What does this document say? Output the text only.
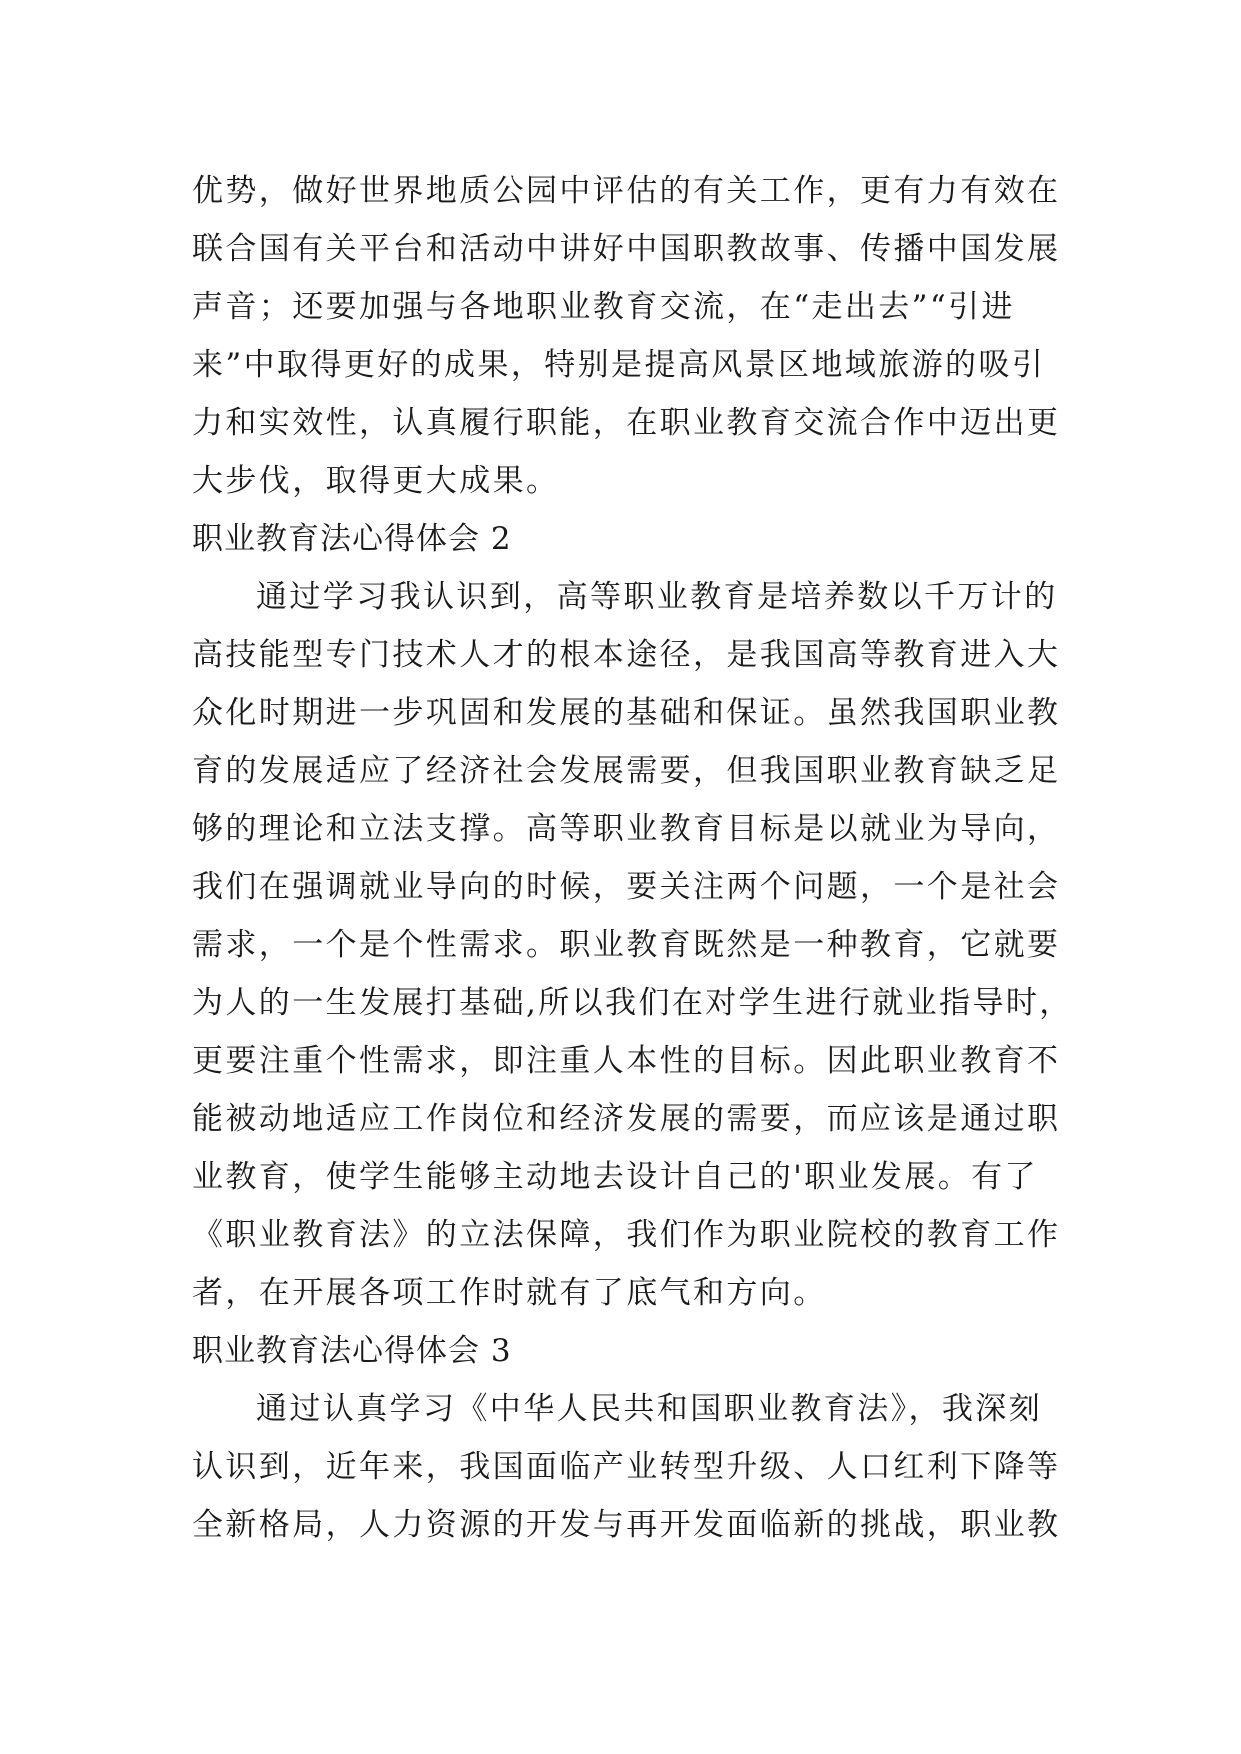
优势，做好世界地质公园中评估的有关工作，更有力有效在
联合国有关平台和活动中讲好中国职教故事、传播中国发展
声音；还要加强与各地职业教育交流，在“走出去”“引进
来”中取得更好的成果，特别是提高风景区地域旅游的吸引
力和实效性，认真履行职能，在职业教育交流合作中迈出更
大步伐，取得更大成果。
职业教育法心得体会 2
通过学习我认识到，高等职业教育是培养数以千万计的
高技能型专门技术人才的根本途径，是我国高等教育进入大
众化时期进一步巩固和发展的基础和保证。虽然我国职业教
育的发展适应了经济社会发展需要，但我国职业教育缺乏足
够的理论和立法支撑。高等职业教育目标是以就业为导向，
我们在强调就业导向的时候，要关注两个问题，一个是社会
需求，一个是个性需求。职业教育既然是一种教育，它就要
为人的一生发展打基础,所以我们在对学生进行就业指导时，
更要注重个性需求，即注重人本性的目标。因此职业教育不
能被动地适应工作岗位和经济发展的需要，而应该是通过职
业教育，使学生能够主动地去设计自己的'职业发展。有了
《职业教育法》的立法保障，我们作为职业院校的教育工作
者，在开展各项工作时就有了底气和方向。
职业教育法心得体会 3
通过认真学习《中华人民共和国职业教育法》，我深刻
认识到，近年来，我国面临产业转型升级、人口红利下降等
全新格局，人力资源的开发与再开发面临新的挑战，职业教
